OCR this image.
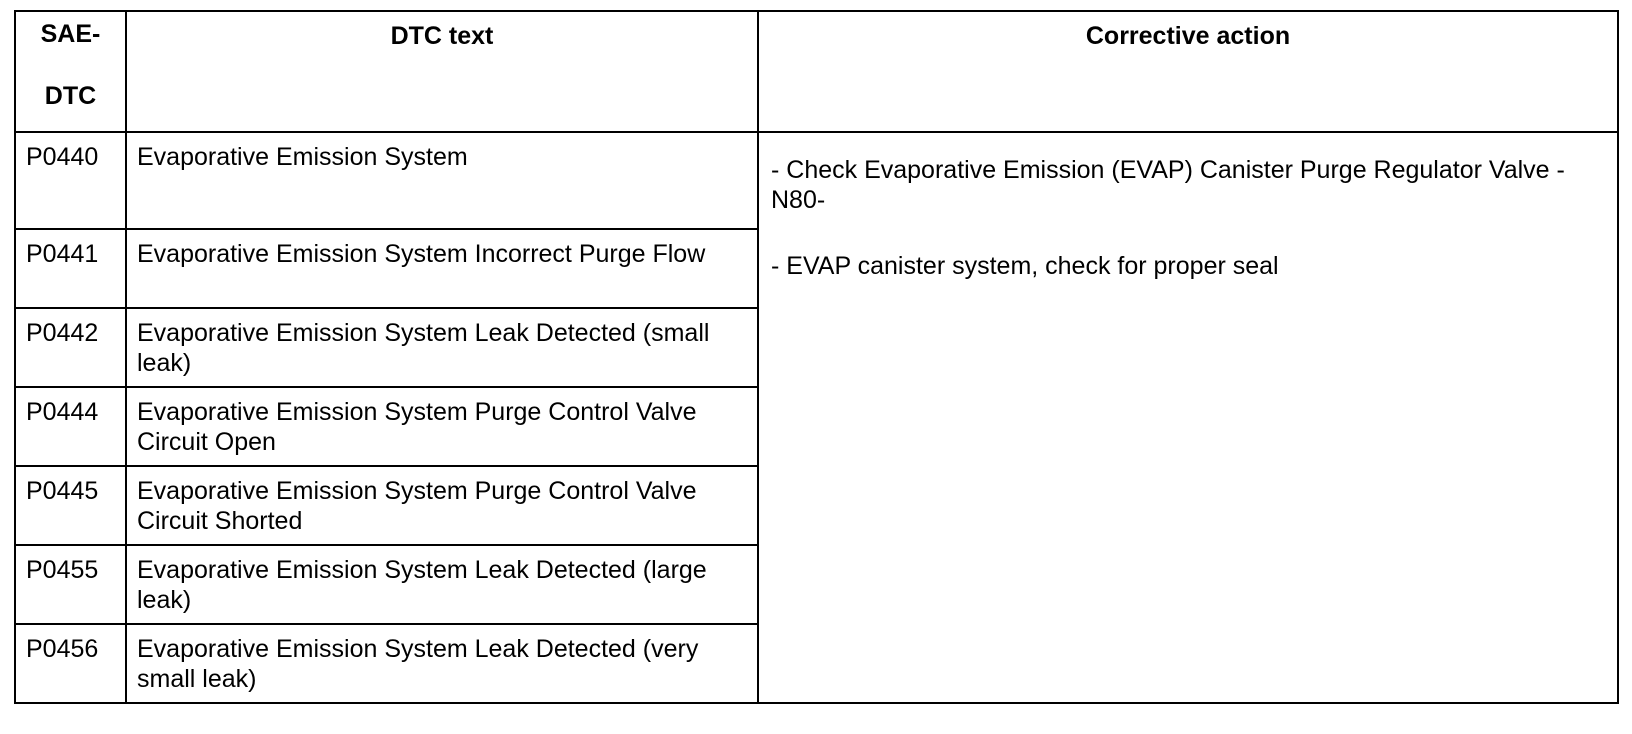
SAE-
DTC	DTC text	Corrective action
P0440	Evaporative Emission System	- Check Evaporative Emission (EVAP) Canister Purge Regulator Valve -N80-
- EVAP canister system, check for proper seal

P0441	Evaporative Emission System Incorrect Purge Flow	
P0442	Evaporative Emission System Leak Detected (small leak)	
P0444	Evaporative Emission System Purge Control Valve Circuit Open	
P0445	Evaporative Emission System Purge Control Valve Circuit Shorted	
P0455	Evaporative Emission System Leak Detected (large leak)	
P0456	Evaporative Emission System Leak Detected (very small leak)	
